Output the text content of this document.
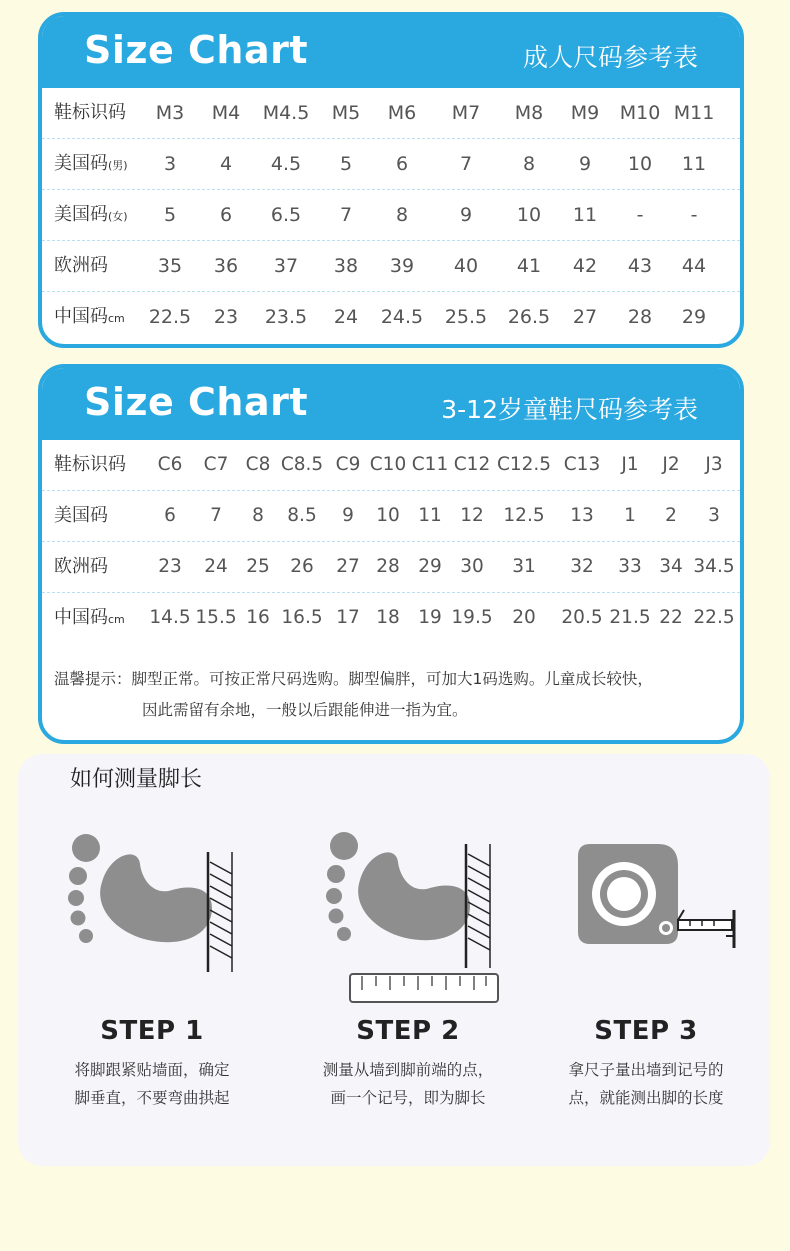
Size Chart	成人尺码参考表
鞋标识码 M3 M4 M4.5 M5 M6 M7 M8 M9 M10 M11
美国码(男) 3 4 4.5 5 6	7	8 9 10 11
美国码(女) 5 6 6.5 7 8	9 10 11 - -
欧洲码	35 36 37 38 39 40 41 42 43 44
中国码cm 22.5 23 23.5 24 24.5 25.5 26.5 27 28 29
Size Chart	3-12岁童鞋尺码参考表
鞋标识码 C6 C7 C8 C8.5 C9 C10 C11 C12 C12.5 C13 J1 J2 J3
美国码	6 7 8 8.5 9 10 11 12 12.5 13 1 2 3
欧洲码	23 24 25 26 27 28 29 30 31 32 33 34 34.5
中国码cm 14.5 15.5 16 16.5 17 18 19 19.5 20 20.5 21.5 22 22.5
温馨提示：脚型正常。可按正常尺码选购。脚型偏胖，可加大1码选购。儿童成长较快，
因此需留有余地，一般以后跟能伸进一指为宜。
如何测量脚长
STEP 1
将脚跟紧贴墙面，确定
脚垂直，不要弯曲拱起
STEP 2
测量从墙到脚前端的点，
画一个记号，即为脚长
STEP 3
拿尺子量出墙到记号的
点，就能测出脚的长度
